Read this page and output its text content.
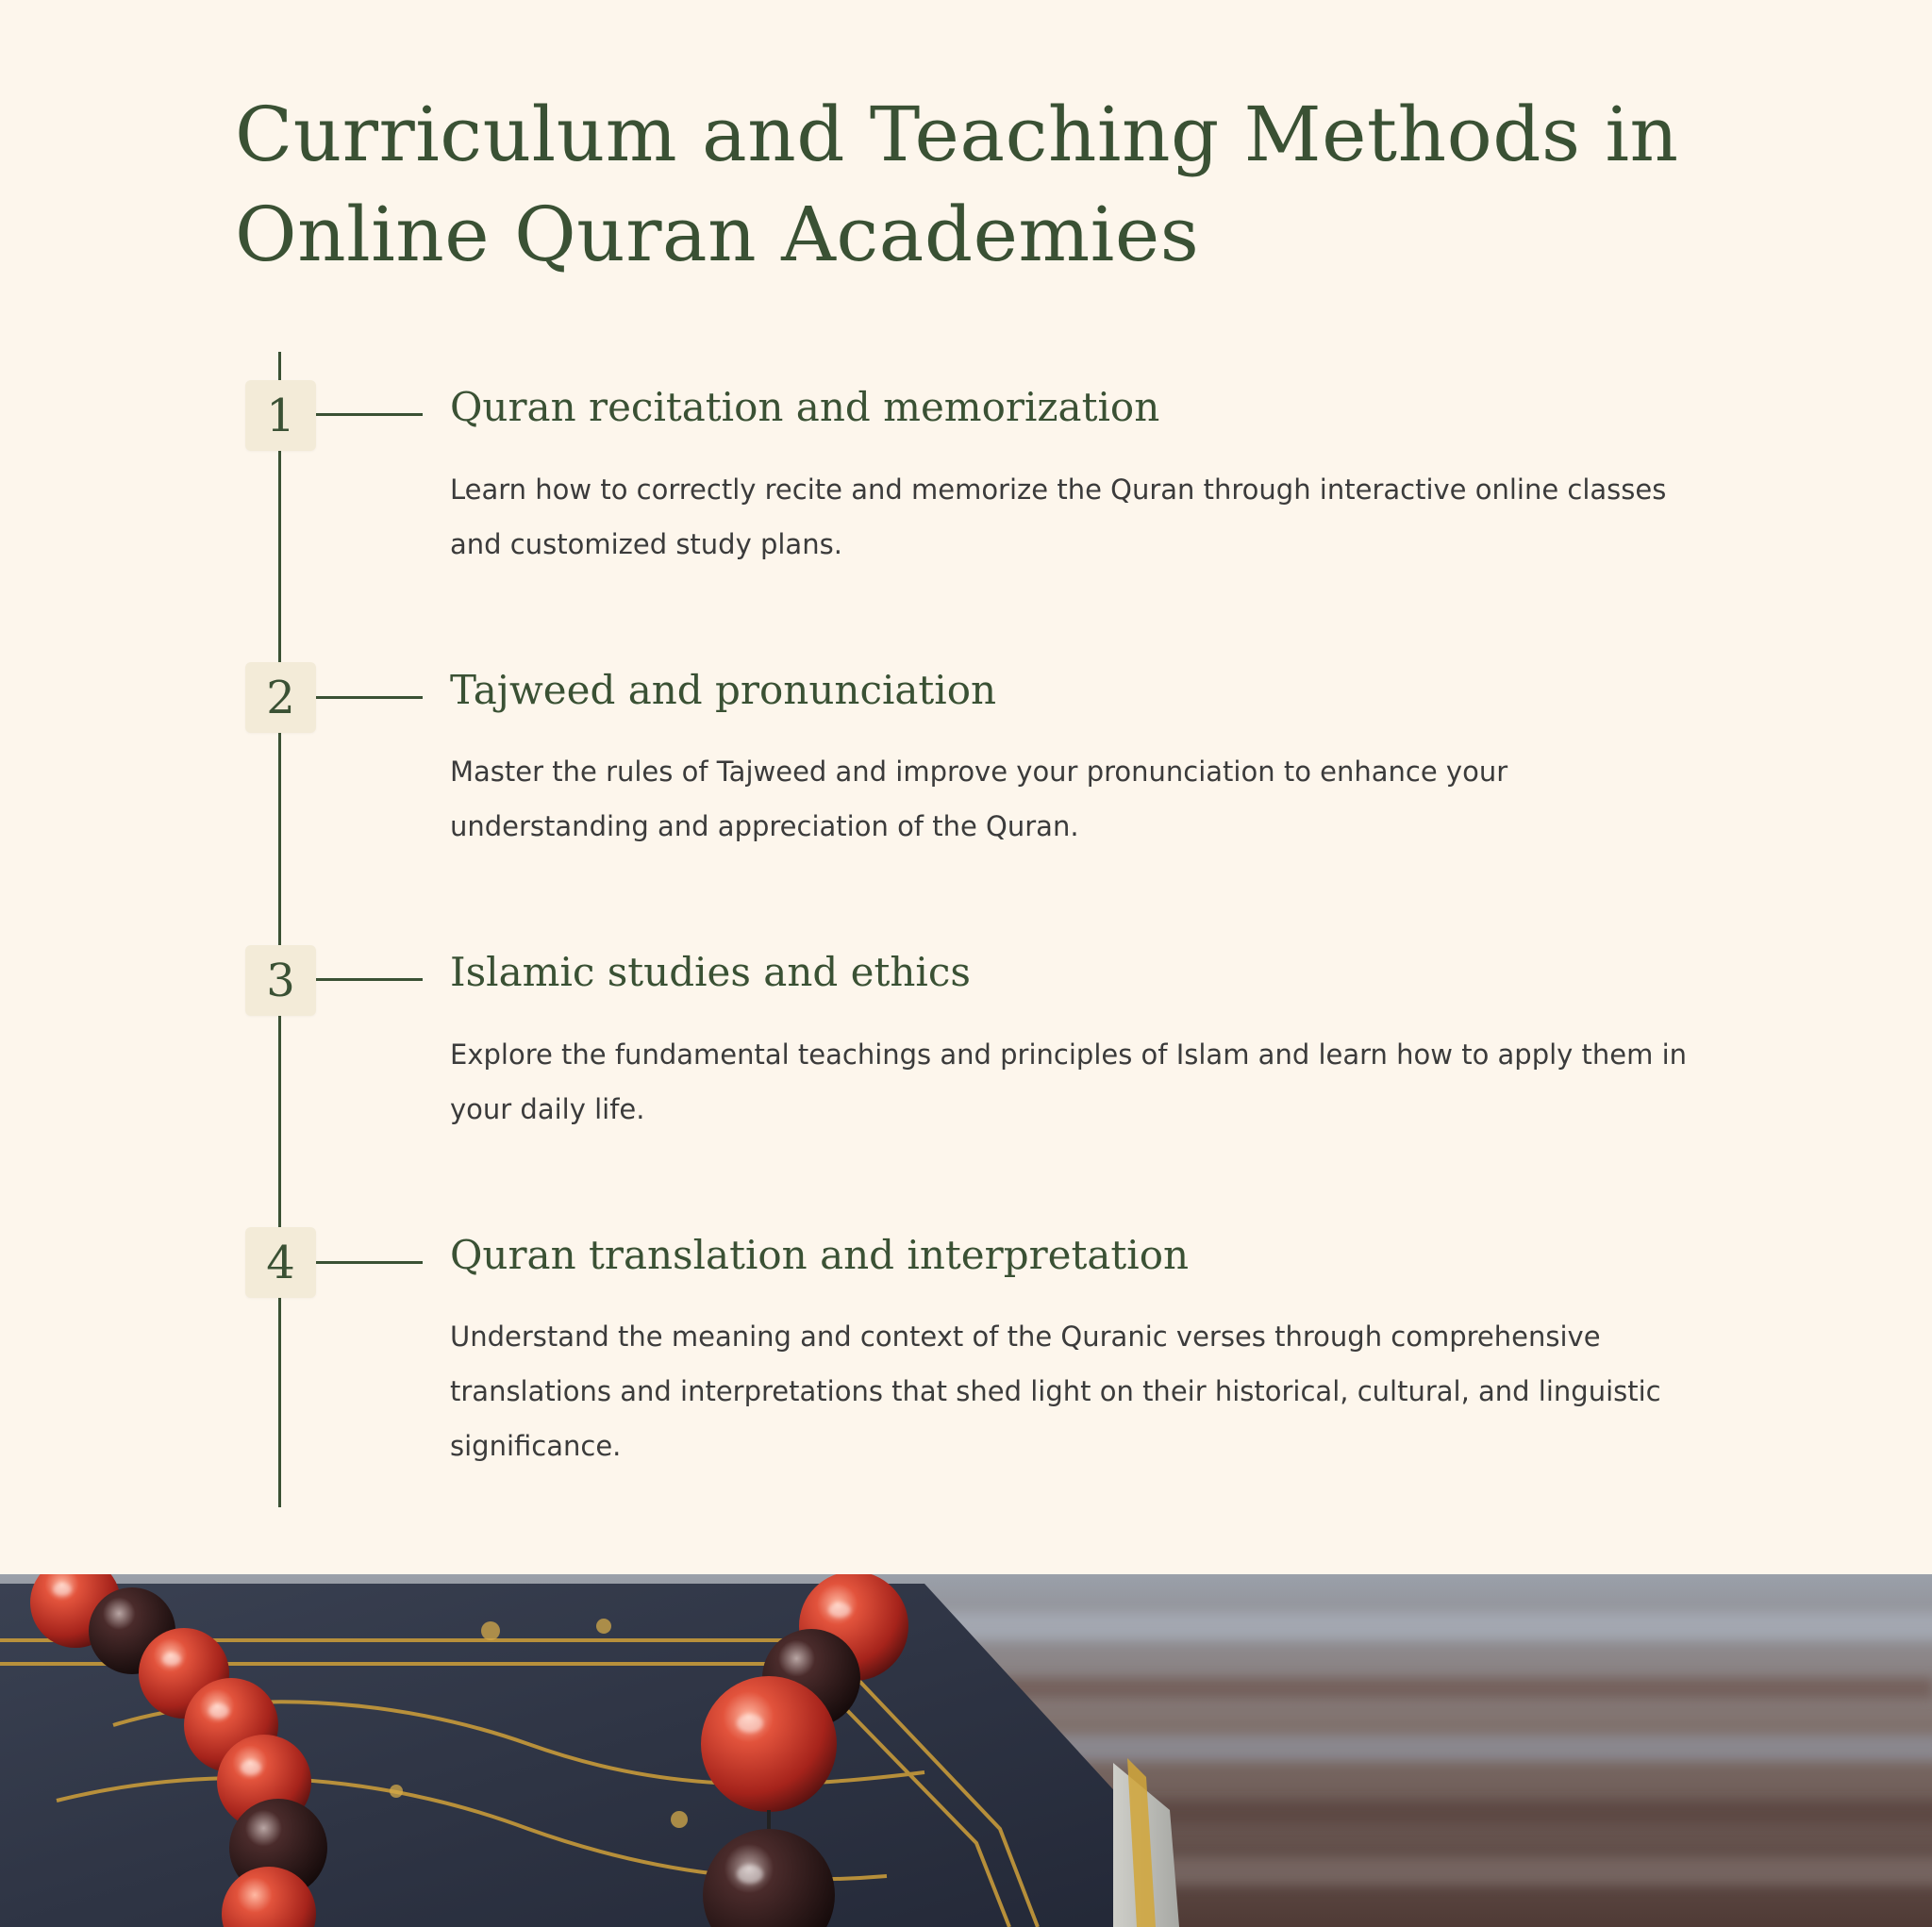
Curriculum and Teaching Methods in Online Quran Academies
1	Quran recitation and memorization

Learn how to correctly recite and memorize the Quran through interactive online classes and customized study plans.

2	Tajweed and pronunciation

Master the rules of Tajweed and improve your pronunciation to enhance your understanding and appreciation of the Quran.

3	Islamic studies and ethics

Explore the fundamental teachings and principles of Islam and learn how to apply them in your daily life.

4	Quran translation and interpretation

Understand the meaning and context of the Quranic verses through comprehensive translations and interpretations that shed light on their historical, cultural, and linguistic significance.
